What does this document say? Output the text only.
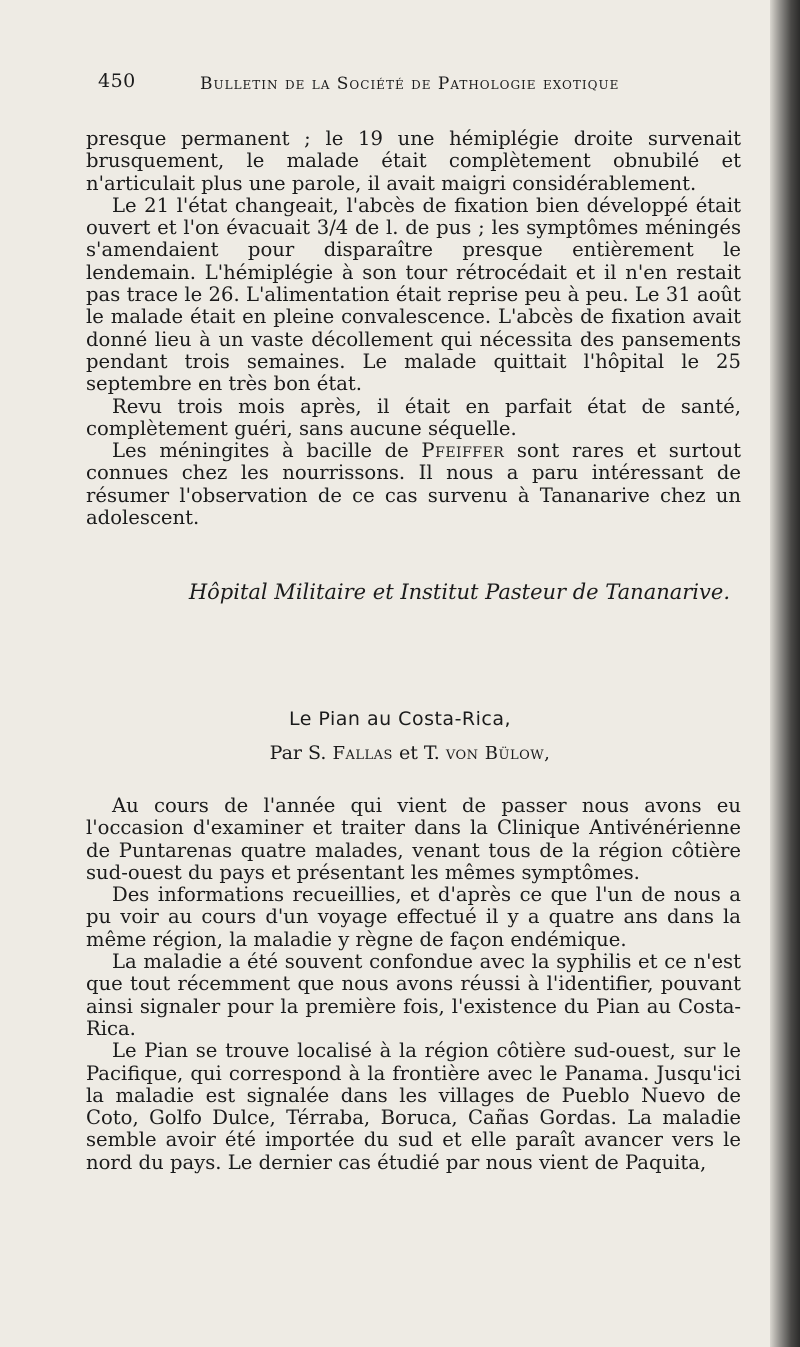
450	Bulletin de la Société de Pathologie exotique

presque permanent ; le 19 une hémiplégie droite survenait brusquement, le malade était complètement obnubilé et n'articulait plus une parole, il avait maigri considérablement.

Le 21 l'état changeait, l'abcès de fixation bien développé était ouvert et l'on évacuait 3/4 de l. de pus ; les symptômes méningés s'amendaient pour disparaître presque entièrement le lendemain. L'hémiplégie à son tour rétrocédait et il n'en restait pas trace le 26. L'alimentation était reprise peu à peu. Le 31 août le malade était en pleine convalescence. L'abcès de fixation avait donné lieu à un vaste décollement qui nécessita des pansements pendant trois semaines. Le malade quittait l'hôpital le 25 septembre en très bon état.

Revu trois mois après, il était en parfait état de santé, complètement guéri, sans aucune séquelle.

Les méningites à bacille de Pfeiffer sont rares et surtout connues chez les nourrissons. Il nous a paru intéressant de résumer l'observation de ce cas survenu à Tananarive chez un adolescent.

Hôpital Militaire et Institut Pasteur de Tananarive.
Le Pian au Costa-Rica,
Par S. Fallas et T. von Bülow,

Au cours de l'année qui vient de passer nous avons eu l'occasion d'examiner et traiter dans la Clinique Antivénérienne de Puntarenas quatre malades, venant tous de la région côtière sud-ouest du pays et présentant les mêmes symptômes.

Des informations recueillies, et d'après ce que l'un de nous a pu voir au cours d'un voyage effectué il y a quatre ans dans la même région, la maladie y règne de façon endémique.

La maladie a été souvent confondue avec la syphilis et ce n'est que tout récemment que nous avons réussi à l'identifier, pouvant ainsi signaler pour la première fois, l'existence du Pian au Costa-Rica.

Le Pian se trouve localisé à la région côtière sud-ouest, sur le Pacifique, qui correspond à la frontière avec le Panama. Jusqu'ici la maladie est signalée dans les villages de Pueblo Nuevo de Coto, Golfo Dulce, Térraba, Boruca, Cañas Gordas. La maladie semble avoir été importée du sud et elle paraît avancer vers le nord du pays. Le dernier cas étudié par nous vient de Paquita,
